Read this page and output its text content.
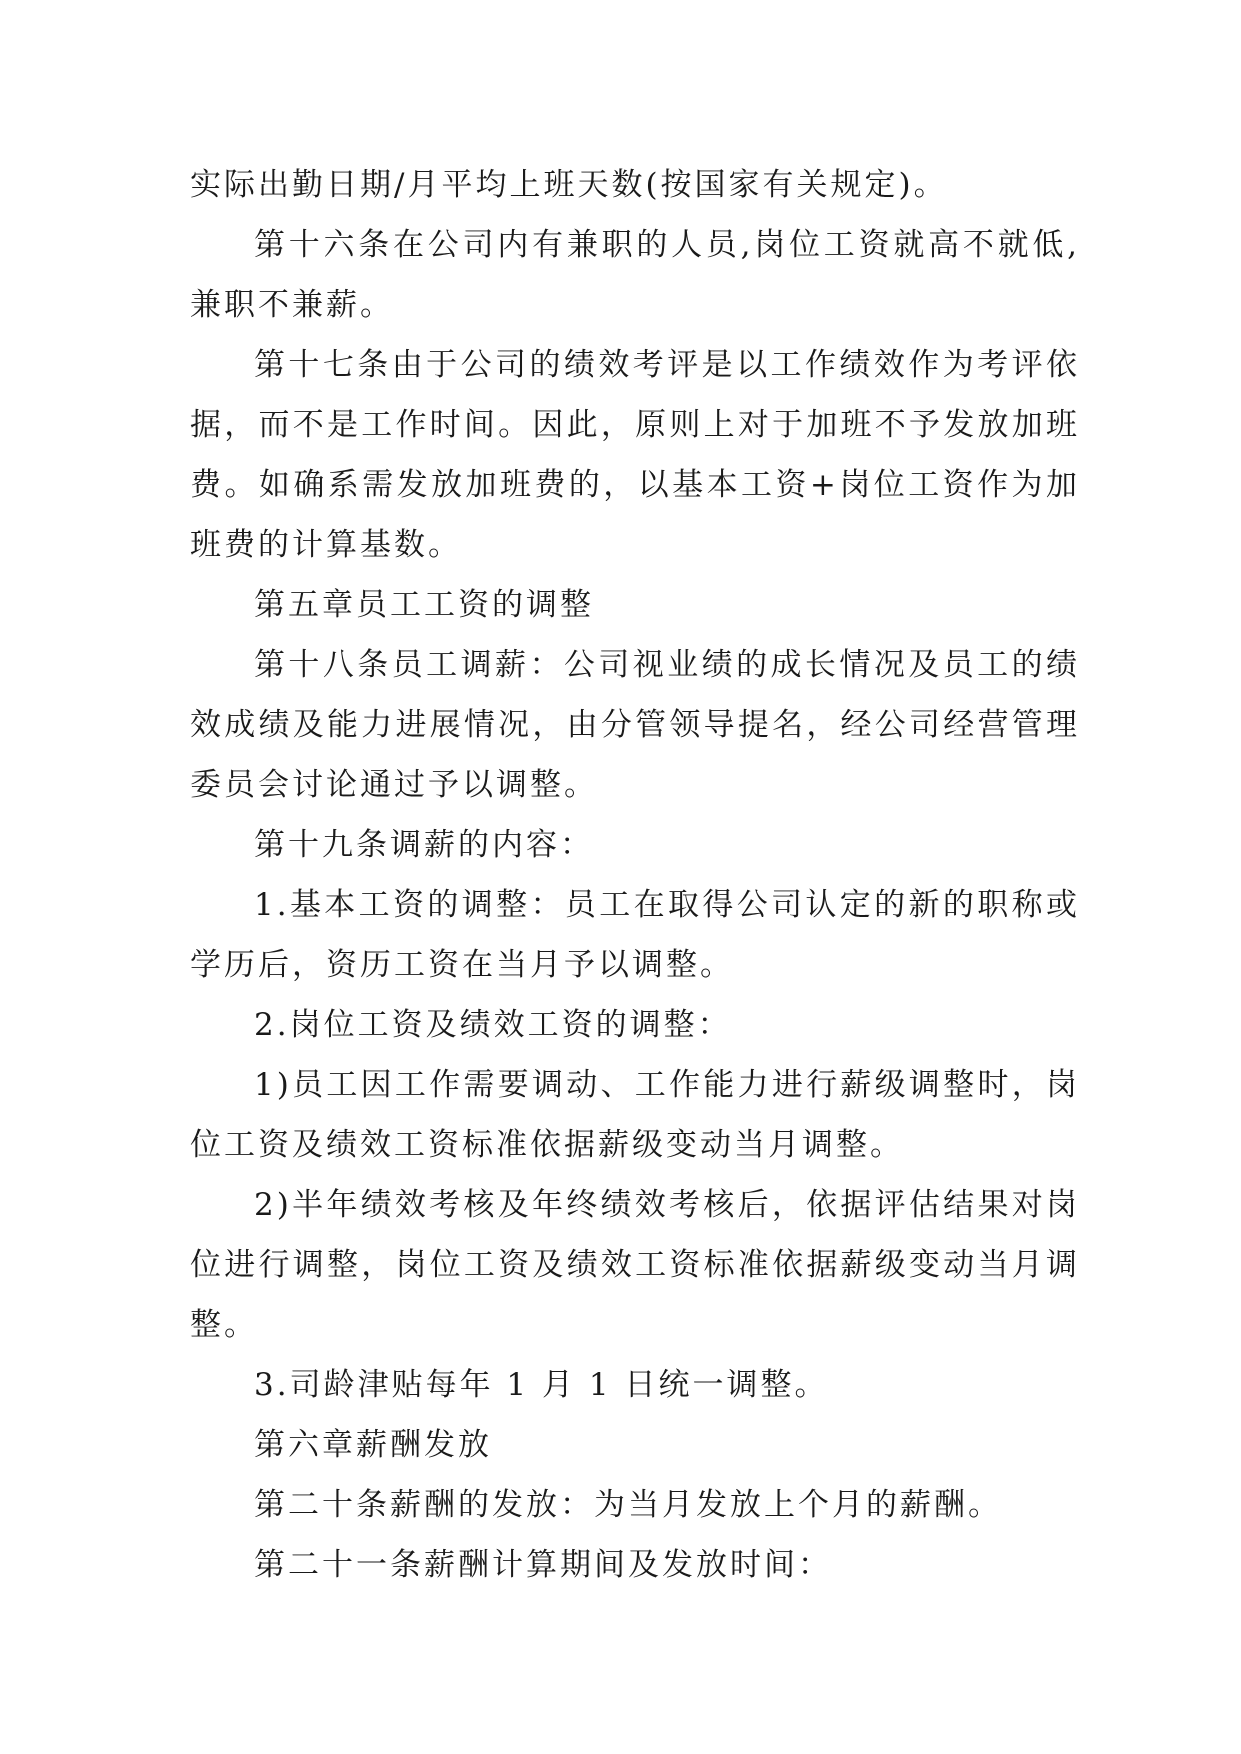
实际出勤日期/月平均上班天数(按国家有关规定)。

第十六条在公司内有兼职的人员,岗位工资就高不就低,兼职不兼薪。

第十七条由于公司的绩效考评是以工作绩效作为考评依据，而不是工作时间。因此，原则上对于加班不予发放加班费。如确系需发放加班费的，以基本工资+岗位工资作为加班费的计算基数。

第五章员工工资的调整

第十八条员工调薪：公司视业绩的成长情况及员工的绩效成绩及能力进展情况，由分管领导提名，经公司经营管理委员会讨论通过予以调整。

第十九条调薪的内容：

1.基本工资的调整：员工在取得公司认定的新的职称或学历后，资历工资在当月予以调整。

2.岗位工资及绩效工资的调整：

1)员工因工作需要调动、工作能力进行薪级调整时，岗位工资及绩效工资标准依据薪级变动当月调整。

2)半年绩效考核及年终绩效考核后，依据评估结果对岗位进行调整，岗位工资及绩效工资标准依据薪级变动当月调整。

3.司龄津贴每年 1 月 1 日统一调整。

第六章薪酬发放

第二十条薪酬的发放：为当月发放上个月的薪酬。

第二十一条薪酬计算期间及发放时间：
